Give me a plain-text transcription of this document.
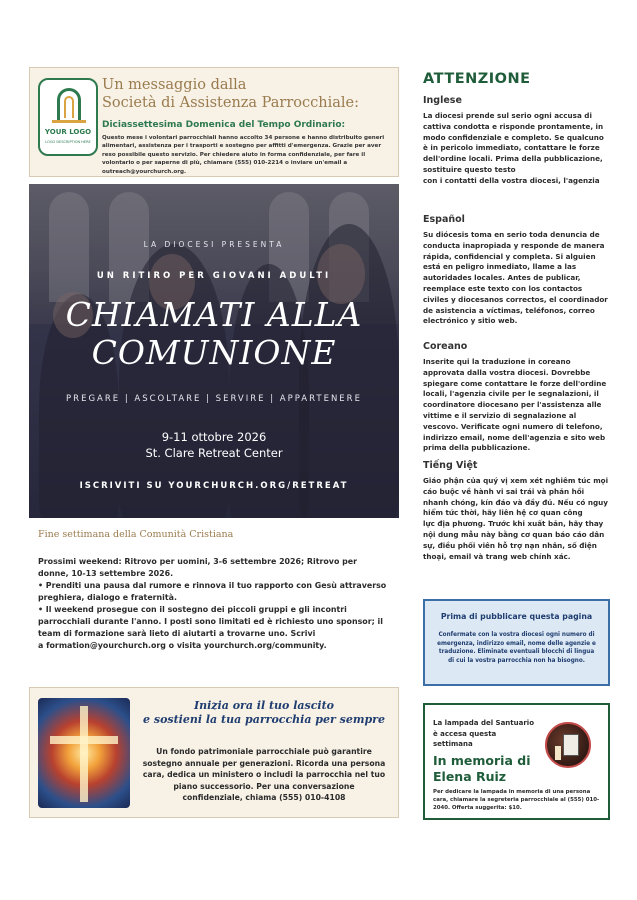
YOUR LOGO
LOGO DESCRIPTION HERE
Un messaggio dalla
Società di Assistenza Parrocchiale:
Diciassettesima Domenica del Tempo Ordinario:
Questo mese i volontari parrocchiali hanno accolto 34 persone e hanno distribuito generi alimentari, assistenza per i trasporti e sostegno per affitti d'emergenza. Grazie per aver reso possibile questo servizio. Per chiedere aiuto in forma confidenziale, per fare il volontario o per saperne di più, chiamare (555) 010-2214 o inviare un'email a outreach@yourchurch.org.
LA DIOCESI PRESENTA
UN RITIRO PER GIOVANI ADULTI
CHIAMATI ALLA
COMUNIONE
PREGARE | ASCOLTARE | SERVIRE | APPARTENERE
9-11 ottobre 2026
St. Clare Retreat Center
ISCRIVITI SU YOURCHURCH.ORG/RETREAT
Fine settimana della Comunità Cristiana
Prossimi weekend: Ritrovo per uomini, 3-6 settembre 2026; Ritrovo per donne, 10-13 settembre 2026.
• Prenditi una pausa dal rumore e rinnova il tuo rapporto con Gesù attraverso preghiera, dialogo e fraternità.
• Il weekend prosegue con il sostegno dei piccoli gruppi e gli incontri parrocchiali durante l'anno. I posti sono limitati ed è richiesto uno sponsor; il team di formazione sarà lieto di aiutarti a trovarne uno. Scrivi
a formation@yourchurch.org o visita yourchurch.org/community.
Inizia ora il tuo lascito
e sostieni la tua parrocchia per sempre
Un fondo patrimoniale parrocchiale può garantire sostegno annuale per generazioni. Ricorda una persona cara, dedica un ministero o includi la parrocchia nel tuo piano successorio. Per una conversazione confidenziale, chiama (555) 010-4108
ATTENZIONE
Inglese
La diocesi prende sul serio ogni accusa di cattiva condotta e risponde prontamente, in modo confidenziale e completo. Se qualcuno è in pericolo immediato, contattare le forze dell'ordine locali. Prima della pubblicazione, sostituire questo testo
con i contatti della vostra diocesi, l'agenzia
Español
Su diócesis toma en serio toda denuncia de
conducta inapropiada y responde de manera rápida, confidencial y completa. Si alguien está en peligro inmediato, llame a las autoridades locales. Antes de publicar, reemplace este texto con los contactos civiles y diocesanos correctos, el coordinador de asistencia a víctimas, teléfonos, correo electrónico y sitio web.
Coreano
Inserite qui la traduzione in coreano approvata dalla vostra diocesi. Dovrebbe spiegare come contattare le forze dell'ordine
locali, l'agenzia civile per le segnalazioni, il coordinatore diocesano per l'assistenza alle vittime e il servizio di segnalazione al vescovo. Verificate ogni numero di telefono, indirizzo email, nome dell'agenzia e sito web prima della pubblicazione.
Tiếng Việt
Giáo phận của quý vị xem xét nghiêm túc mọi cáo buộc về hành vi sai trái và phản hồi nhanh chóng, kín đáo và đầy đủ. Nếu có nguy hiểm tức thời, hãy liên hệ cơ quan công
lực địa phương. Trước khi xuất bản, hãy thay nội dung mẫu này bằng cơ quan báo cáo dân sự, điều phối viên hỗ trợ nạn nhân, số điện thoại, email và trang web chính xác.
Prima di pubblicare questa pagina
Confermate con la vostra diocesi ogni numero di emergenza, indirizzo email, nome delle agenzie e traduzione. Eliminate eventuali blocchi di lingua di cui la vostra parrocchia non ha bisogno.
La lampada del Santuario
è accesa questa
settimana
In memoria di
Elena Ruiz
Per dedicare la lampada in memoria di una persona cara, chiamare la segreteria parrocchiale al (555) 010-2040. Offerta suggerita: $10.
